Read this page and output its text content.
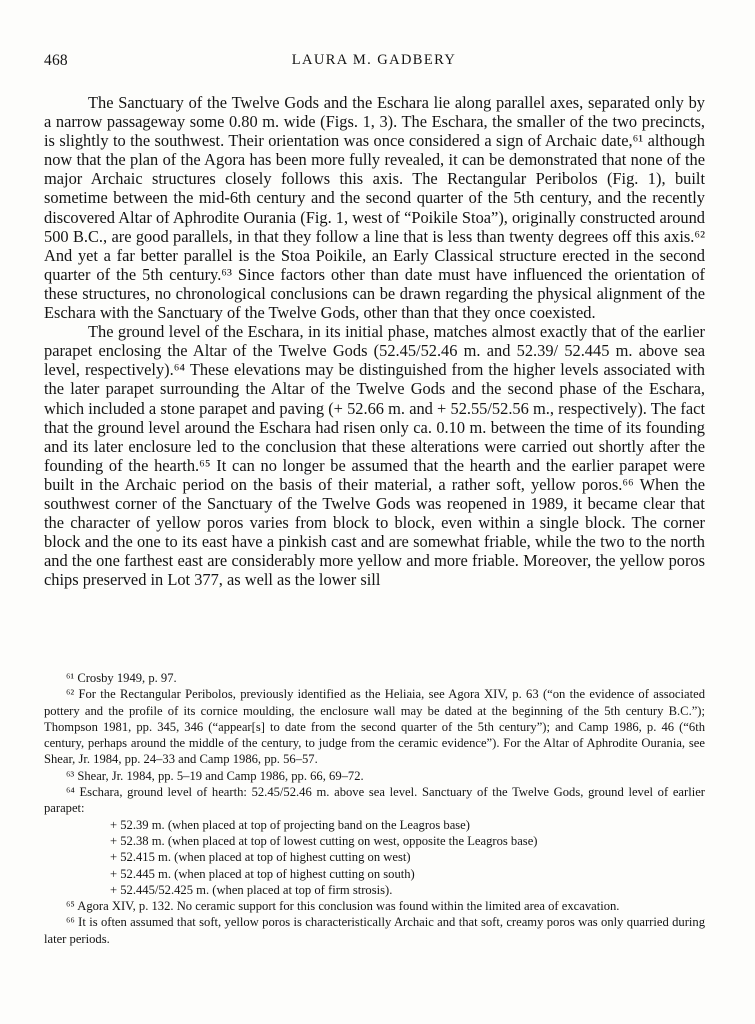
468	LAURA M. GADBERY

The Sanctuary of the Twelve Gods and the Eschara lie along parallel axes, separated only by a narrow passageway some 0.80 m. wide (Figs. 1, 3). The Eschara, the smaller of the two precincts, is slightly to the southwest. Their orientation was once considered a sign of Archaic date,⁶¹ although now that the plan of the Agora has been more fully revealed, it can be demonstrated that none of the major Archaic structures closely follows this axis. The Rectangular Peribolos (Fig. 1), built sometime between the mid-6th century and the second quarter of the 5th century, and the recently discovered Altar of Aphrodite Ourania (Fig. 1, west of “Poikile Stoa”), originally constructed around 500 B.C., are good parallels, in that they follow a line that is less than twenty degrees off this axis.⁶² And yet a far better parallel is the Stoa Poikile, an Early Classical structure erected in the second quarter of the 5th century.⁶³ Since factors other than date must have influenced the orientation of these structures, no chronological conclusions can be drawn regarding the physical alignment of the Eschara with the Sanctuary of the Twelve Gods, other than that they once coexisted.

The ground level of the Eschara, in its initial phase, matches almost exactly that of the earlier parapet enclosing the Altar of the Twelve Gods (52.45/52.46 m. and 52.39/ 52.445 m. above sea level, respectively).⁶⁴ These elevations may be distinguished from the higher levels associated with the later parapet surrounding the Altar of the Twelve Gods and the second phase of the Eschara, which included a stone parapet and paving (+ 52.66 m. and + 52.55/52.56 m., respectively). The fact that the ground level around the Eschara had risen only ca. 0.10 m. between the time of its founding and its later enclosure led to the conclusion that these alterations were carried out shortly after the founding of the hearth.⁶⁵ It can no longer be assumed that the hearth and the earlier parapet were built in the Archaic period on the basis of their material, a rather soft, yellow poros.⁶⁶ When the southwest corner of the Sanctuary of the Twelve Gods was reopened in 1989, it became clear that the character of yellow poros varies from block to block, even within a single block. The corner block and the one to its east have a pinkish cast and are somewhat friable, while the two to the north and the one farthest east are considerably more yellow and more friable. Moreover, the yellow poros chips preserved in Lot 377, as well as the lower sill

⁶¹ Crosby 1949, p. 97.

⁶² For the Rectangular Peribolos, previously identified as the Heliaia, see Agora XIV, p. 63 (“on the evidence of associated pottery and the profile of its cornice moulding, the enclosure wall may be dated at the beginning of the 5th century B.C.”); Thompson 1981, pp. 345, 346 (“appear[s] to date from the second quarter of the 5th century”); and Camp 1986, p. 46 (“6th century, perhaps around the middle of the century, to judge from the ceramic evidence”). For the Altar of Aphrodite Ourania, see Shear, Jr. 1984, pp. 24–33 and Camp 1986, pp. 56–57.

⁶³ Shear, Jr. 1984, pp. 5–19 and Camp 1986, pp. 66, 69–72.

⁶⁴ Eschara, ground level of hearth: 52.45/52.46 m. above sea level. Sanctuary of the Twelve Gods, ground level of earlier parapet:

+ 52.39 m. (when placed at top of projecting band on the Leagros base)

+ 52.38 m. (when placed at top of lowest cutting on west, opposite the Leagros base)

+ 52.415 m. (when placed at top of highest cutting on west)

+ 52.445 m. (when placed at top of highest cutting on south)

+ 52.445/52.425 m. (when placed at top of firm strosis).

⁶⁵ Agora XIV, p. 132. No ceramic support for this conclusion was found within the limited area of excavation.

⁶⁶ It is often assumed that soft, yellow poros is characteristically Archaic and that soft, creamy poros was only quarried during later periods.
